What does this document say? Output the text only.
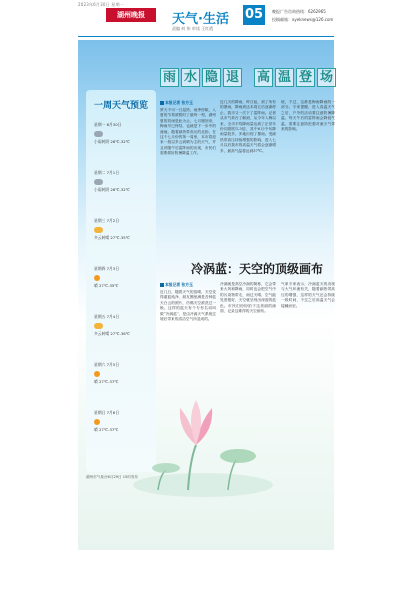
2023年6月30日 星期一
湖州晚报	天气·生活
责编 何 伟 审读 王红霞
05	晚报广告咨询热线：6262965
投稿邮箱：xyeknews@126.com
雨 水 隐 退 高 温 登 场
一周天气预览
星期一 6月30日
小雨转阴 26℃-32℃
星期二 7月1日
小雨转阴 26℃-32℃
星期三 7月2日
多云转晴 27℃-35℃
星期四 7月3日
晴 27℃-35℃
星期五 7月4日
多云转晴 27℃-36℃
星期六 7月5日
晴 27℃-37℃
星期日 7月6日
晴 27℃-37℃
湖州市气象台6月29日 15时发布
本报记者 张方玉
梦天不可一日湿热，雨季停歇，入夏的节奏被暂时了最终一刻，湖州夏的初雨是此为止。七月刚回来，梅雨早已终结，也就是下一步中的流雨。随着副热带高压的北抬，在这个七月份的第一周里，本市将迎来一段以多云到晴为主的天气，并且伴随午后雷阵雨的出现，市民们需要做好防暑降温工作。
近几天的降雨，昨日起，到了所有的暴雨，降雨到达本周五后逐渐停止，我市又一次下了雷阵雨。记者从市气象台了解到，从今年入梅以来，全市平均降雨量达到了正常年份同期的1.3倍，其中6月中旬降雨量较多，多地出现了暴雨。受副热带高压持续增强的影响，进入七月以后我市的高温天气将会逐渐增多，最高气温将达到37℃。
统，不过，这都是梅雨降雨的一部分。专家提醒，进入高温天气之后，户外的活动要注意防暑降温，每天午后的雷阵雨会降低气温，需要注意防范强对流天气带来的影响。
冷涡蓝：天空的顶级画布
本报记者 张方玉
近几日，随着天气的放晴，天空变得湛蓝纯净，朋友圈里满是各种蓝天白云的照片，仿佛天空被洗过一般。这样的蓝天有个专有名词叫做“冷涡蓝”，是由冷涡天气系统过境后带来的清洁空气所造成的。
冷涡就是高空冷涡的简称，它会带来大风和降雨，同时也会把空气中的污染物带走，雨过天晴，空气能见度极好，天空就呈现出深邃的蓝色。市民们纷纷拍下这美丽的画面，记录这难得的天空画布。
气象专家表示，冷涡蓝天的出现与大气环流有关，随着副热带高压的增强，这样的天气还会持续一段时间，不过之后高温天气会接踵而至。
